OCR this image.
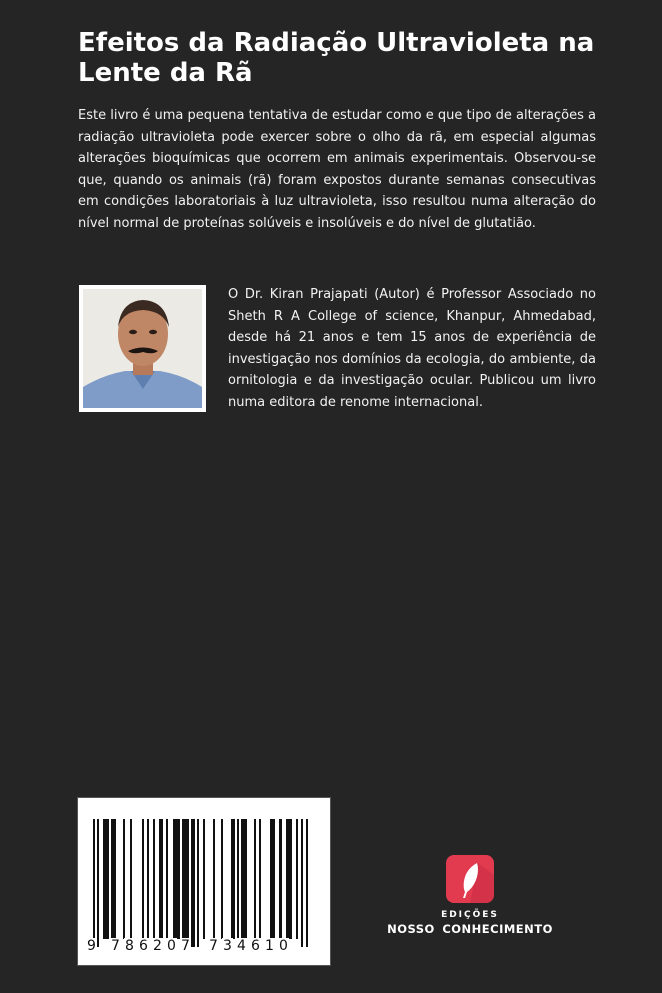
Efeitos da Radiação Ultravioleta na Lente da Rã

Este livro é uma pequena tentativa de estudar como e que tipo de alterações a radiação ultravioleta pode exercer sobre o olho da rã, em especial algumas alterações bioquímicas que ocorrem em animais experimentais. Observou-se que, quando os animais (rã) foram expostos durante semanas consecutivas em condições laboratoriais à luz ultravioleta, isso resultou numa alteração do nível normal de proteínas solúveis e insolúveis e do nível de glutatião.

O Dr. Kiran Prajapati (Autor) é Professor Associado no Sheth R A College of science, Khanpur, Ahmedabad, desde há 21 anos e tem 15 anos de experiência de investigação nos domínios da ecologia, do ambiente, da ornitologia e da investigação ocular. Publicou um livro numa editora de renome internacional.

9 7 8 6 2 0 7 7 3 4 6 1 0
EDIÇÕES
NOSSO CONHECIMENTO
